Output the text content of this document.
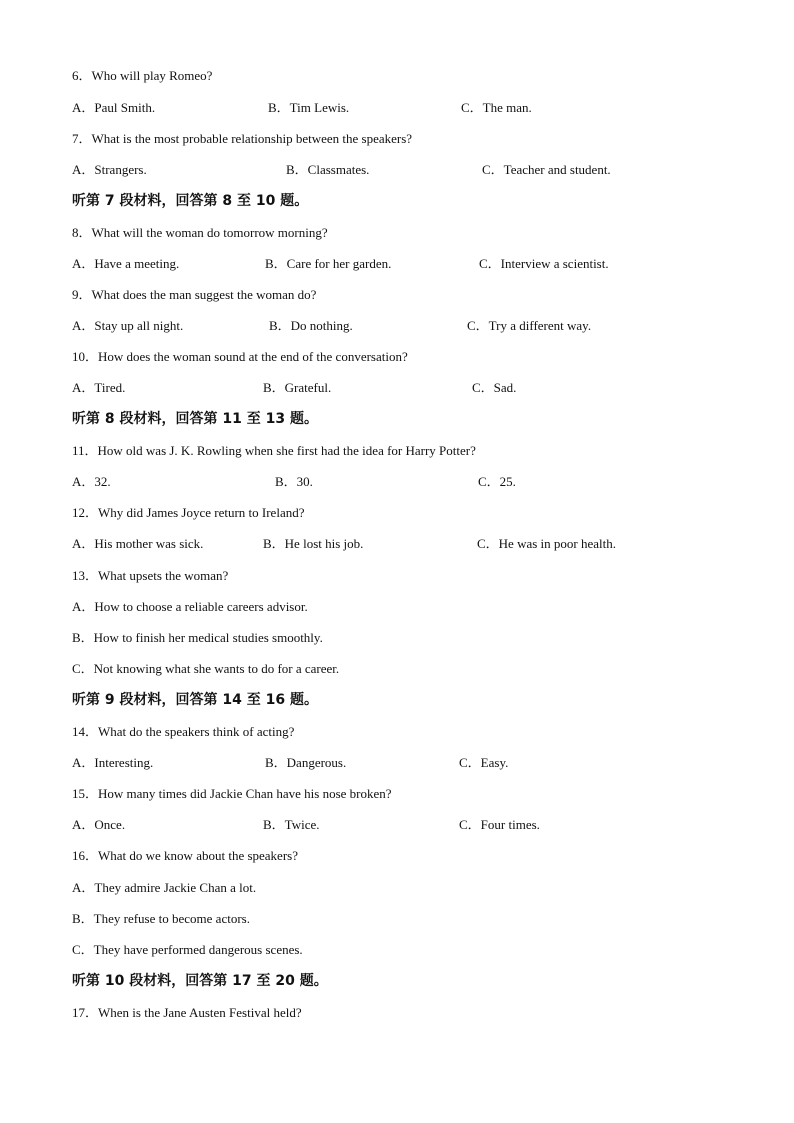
6．Who will play Romeo?
A．Paul Smith.	B．Tim Lewis.	C．The man.
7．What is the most probable relationship between the speakers?
A．Strangers.	B．Classmates.	C．Teacher and student.
听第 7 段材料，回答第 8 至 10 题。
8．What will the woman do tomorrow morning?
A．Have a meeting.	B．Care for her garden.	C．Interview a scientist.
9．What does the man suggest the woman do?
A．Stay up all night.	B．Do nothing.	C．Try a different way.
10．How does the woman sound at the end of the conversation?
A．Tired.	B．Grateful.	C．Sad.
听第 8 段材料，回答第 11 至 13 题。
11．How old was J. K. Rowling when she first had the idea for Harry Potter?
A．32.	B．30.	C．25.
12．Why did James Joyce return to Ireland?
A．His mother was sick.	B．He lost his job.	C．He was in poor health.
13．What upsets the woman?
A．How to choose a reliable careers advisor.
B．How to finish her medical studies smoothly.
C．Not knowing what she wants to do for a career.
听第 9 段材料，回答第 14 至 16 题。
14．What do the speakers think of acting?
A．Interesting.	B．Dangerous.	C．Easy.
15．How many times did Jackie Chan have his nose broken?
A．Once.	B．Twice.	C．Four times.
16．What do we know about the speakers?
A．They admire Jackie Chan a lot.
B．They refuse to become actors.
C．They have performed dangerous scenes.
听第 10 段材料，回答第 17 至 20 题。
17．When is the Jane Austen Festival held?
